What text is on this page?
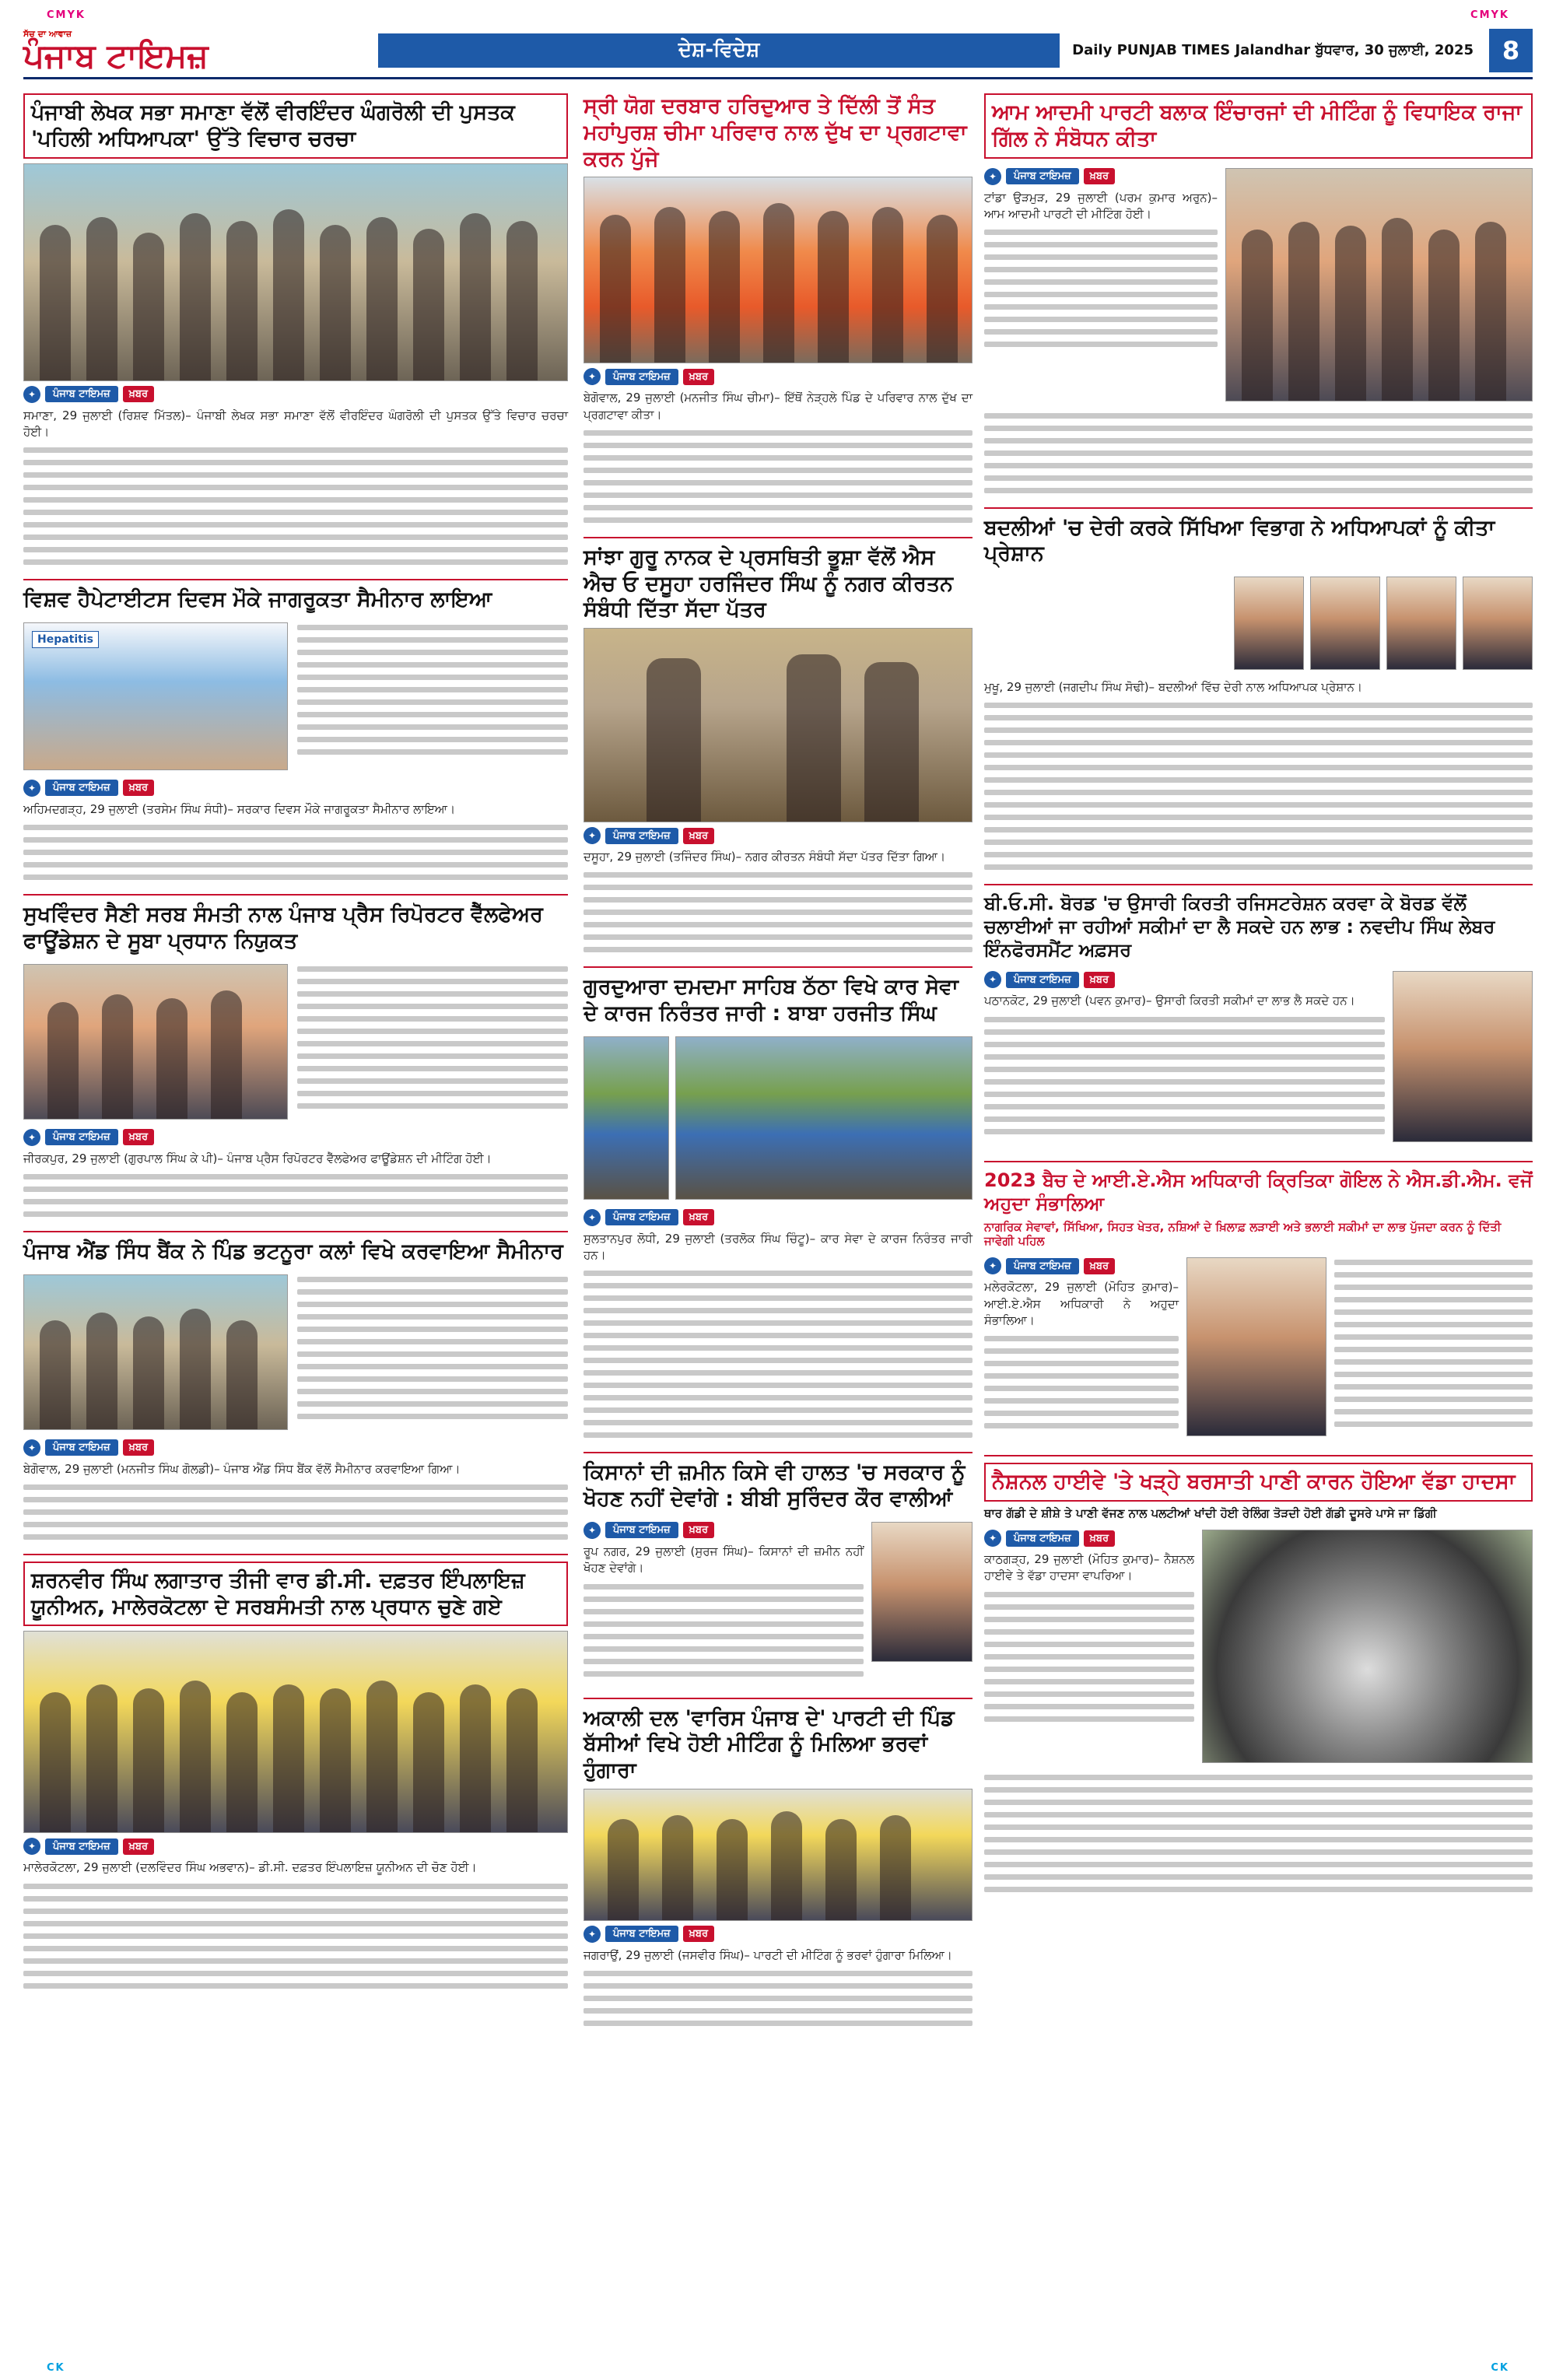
CMYK	CMYK
ਸੱਚ ਦਾ ਆਵਾਜ਼
ਪੰਜਾਬ ਟਾਇਮਜ਼	ਦੇਸ਼-ਵਿਦੇਸ਼	Daily PUNJAB TIMES Jalandhar ਬੁੱਧਵਾਰ, 30 ਜੁਲਾਈ, 2025	8
ਪੰਜਾਬੀ ਲੇਖਕ ਸਭਾ ਸਮਾਣਾ ਵੱਲੋਂ ਵੀਰਇੰਦਰ ਘੰਗਰੋਲੀ ਦੀ ਪੁਸਤਕ 'ਪਹਿਲੀ ਅਧਿਆਪਕਾ' ਉੱਤੇ ਵਿਚਾਰ ਚਰਚਾ
✦	ਪੰਜਾਬ ਟਾਇਮਜ਼	ਖ਼ਬਰ
ਸਮਾਣਾ, 29 ਜੁਲਾਈ (ਰਿਸ਼ਵ ਮਿੱਤਲ)– ਪੰਜਾਬੀ ਲੇਖਕ ਸਭਾ ਸਮਾਣਾ ਵੱਲੋਂ ਵੀਰਇੰਦਰ ਘੰਗਰੋਲੀ ਦੀ ਪੁਸਤਕ ਉੱਤੇ ਵਿਚਾਰ ਚਰਚਾ ਹੋਈ।
ਵਿਸ਼ਵ ਹੈਪੇਟਾਈਟਸ ਦਿਵਸ ਮੌਕੇ ਜਾਗਰੂਕਤਾ ਸੈਮੀਨਾਰ ਲਾਇਆ
Hepatitis
✦	ਪੰਜਾਬ ਟਾਇਮਜ਼	ਖ਼ਬਰ
ਅਹਿਮਦਗੜ੍ਹ, 29 ਜੁਲਾਈ (ਤਰਸੇਮ ਸਿੰਘ ਸੰਧੀ)– ਸਰਕਾਰ ਦਿਵਸ ਮੌਕੇ ਜਾਗਰੂਕਤਾ ਸੈਮੀਨਾਰ ਲਾਇਆ।
ਸੁਖਵਿੰਦਰ ਸੈਣੀ ਸਰਬ ਸੰਮਤੀ ਨਾਲ ਪੰਜਾਬ ਪ੍ਰੈਸ ਰਿਪੋਰਟਰ ਵੈੱਲਫੇਅਰ ਫਾਊਂਡੇਸ਼ਨ ਦੇ ਸੂਬਾ ਪ੍ਰਧਾਨ ਨਿਯੁਕਤ
✦	ਪੰਜਾਬ ਟਾਇਮਜ਼	ਖ਼ਬਰ
ਜੀਰਕਪੁਰ, 29 ਜੁਲਾਈ (ਗੁਰਪਾਲ ਸਿੰਘ ਕੇ ਪੀ)– ਪੰਜਾਬ ਪ੍ਰੈਸ ਰਿਪੋਰਟਰ ਵੈੱਲਫੇਅਰ ਫਾਊਂਡੇਸ਼ਨ ਦੀ ਮੀਟਿੰਗ ਹੋਈ।
ਪੰਜਾਬ ਐਂਡ ਸਿੰਧ ਬੈਂਕ ਨੇ ਪਿੰਡ ਭਟਨੂਰਾ ਕਲਾਂ ਵਿਖੇ ਕਰਵਾਇਆ ਸੈਮੀਨਾਰ
✦	ਪੰਜਾਬ ਟਾਇਮਜ਼	ਖ਼ਬਰ
ਬੇਗੋਵਾਲ, 29 ਜੁਲਾਈ (ਮਨਜੀਤ ਸਿੰਘ ਗੋਲਡੀ)– ਪੰਜਾਬ ਐਂਡ ਸਿੰਧ ਬੈਂਕ ਵੱਲੋਂ ਸੈਮੀਨਾਰ ਕਰਵਾਇਆ ਗਿਆ।
ਸ਼ਰਨਵੀਰ ਸਿੰਘ ਲਗਾਤਾਰ ਤੀਜੀ ਵਾਰ ਡੀ.ਸੀ. ਦਫ਼ਤਰ ਇੰਪਲਾਇਜ਼ ਯੂਨੀਅਨ, ਮਾਲੇਰਕੋਟਲਾ ਦੇ ਸਰਬਸੰਮਤੀ ਨਾਲ ਪ੍ਰਧਾਨ ਚੁਣੇ ਗਏ
✦	ਪੰਜਾਬ ਟਾਇਮਜ਼	ਖ਼ਬਰ
ਮਾਲੇਰਕੋਟਲਾ, 29 ਜੁਲਾਈ (ਦਲਵਿੰਦਰ ਸਿੰਘ ਅਭਵਾਨ)– ਡੀ.ਸੀ. ਦਫ਼ਤਰ ਇੰਪਲਾਇਜ਼ ਯੂਨੀਅਨ ਦੀ ਚੋਣ ਹੋਈ।
ਸ੍ਰੀ ਯੋਗ ਦਰਬਾਰ ਹਰਿਦੁਆਰ ਤੇ ਦਿੱਲੀ ਤੋਂ ਸੰਤ ਮਹਾਂਪੁਰਸ਼ ਚੀਮਾ ਪਰਿਵਾਰ ਨਾਲ ਦੁੱਖ ਦਾ ਪ੍ਰਗਟਾਵਾ ਕਰਨ ਪੁੱਜੇ
✦	ਪੰਜਾਬ ਟਾਇਮਜ਼	ਖ਼ਬਰ
ਬੇਗੋਵਾਲ, 29 ਜੁਲਾਈ (ਮਨਜੀਤ ਸਿੰਘ ਚੀਮਾ)– ਇੱਥੋਂ ਨੇੜ੍ਹਲੇ ਪਿੰਡ ਦੇ ਪਰਿਵਾਰ ਨਾਲ ਦੁੱਖ ਦਾ ਪ੍ਰਗਟਾਵਾ ਕੀਤਾ।
ਸਾਂਝਾ ਗੁਰੂ ਨਾਨਕ ਦੇ ਪ੍ਰਸਥਿਤੀ ਭੂਸ਼ਾ ਵੱਲੋਂ ਐਸ ਐਚ ਓ ਦਸੂਹਾ ਹਰਜਿੰਦਰ ਸਿੰਘ ਨੂੰ ਨਗਰ ਕੀਰਤਨ ਸੰਬੰਧੀ ਦਿੱਤਾ ਸੱਦਾ ਪੱਤਰ
✦	ਪੰਜਾਬ ਟਾਇਮਜ਼	ਖ਼ਬਰ
ਦਸੂਹਾ, 29 ਜੁਲਾਈ (ਤਜਿੰਦਰ ਸਿੰਘ)– ਨਗਰ ਕੀਰਤਨ ਸੰਬੰਧੀ ਸੱਦਾ ਪੱਤਰ ਦਿੱਤਾ ਗਿਆ।
ਗੁਰਦੁਆਰਾ ਦਮਦਮਾ ਸਾਹਿਬ ਠੱਠਾ ਵਿਖੇ ਕਾਰ ਸੇਵਾ ਦੇ ਕਾਰਜ ਨਿਰੰਤਰ ਜਾਰੀ : ਬਾਬਾ ਹਰਜੀਤ ਸਿੰਘ
✦	ਪੰਜਾਬ ਟਾਇਮਜ਼	ਖ਼ਬਰ
ਸੁਲਤਾਨਪੁਰ ਲੋਧੀ, 29 ਜੁਲਾਈ (ਤਰਲੋਕ ਸਿੰਘ ਚਿੰਟੂ)– ਕਾਰ ਸੇਵਾ ਦੇ ਕਾਰਜ ਨਿਰੰਤਰ ਜਾਰੀ ਹਨ।
ਕਿਸਾਨਾਂ ਦੀ ਜ਼ਮੀਨ ਕਿਸੇ ਵੀ ਹਾਲਤ 'ਚ ਸਰਕਾਰ ਨੂੰ ਖੋਹਣ ਨਹੀਂ ਦੇਵਾਂਗੇ : ਬੀਬੀ ਸੁਰਿੰਦਰ ਕੌਰ ਵਾਲੀਆਂ
✦	ਪੰਜਾਬ ਟਾਇਮਜ਼	ਖ਼ਬਰ
ਰੂਪ ਨਗਰ, 29 ਜੁਲਾਈ (ਸੁਰਜ ਸਿੰਘ)– ਕਿਸਾਨਾਂ ਦੀ ਜ਼ਮੀਨ ਨਹੀਂ ਖੋਹਣ ਦੇਵਾਂਗੇ।
ਅਕਾਲੀ ਦਲ 'ਵਾਰਿਸ ਪੰਜਾਬ ਦੇ' ਪਾਰਟੀ ਦੀ ਪਿੰਡ ਬੱਸੀਆਂ ਵਿਖੇ ਹੋਈ ਮੀਟਿੰਗ ਨੂੰ ਮਿਲਿਆ ਭਰਵਾਂ ਹੁੰਗਾਰਾ
✦	ਪੰਜਾਬ ਟਾਇਮਜ਼	ਖ਼ਬਰ
ਜਗਰਾਉਂ, 29 ਜੁਲਾਈ (ਜਸਵੀਰ ਸਿੰਘ)– ਪਾਰਟੀ ਦੀ ਮੀਟਿੰਗ ਨੂੰ ਭਰਵਾਂ ਹੁੰਗਾਰਾ ਮਿਲਿਆ।
ਆਮ ਆਦਮੀ ਪਾਰਟੀ ਬਲਾਕ ਇੰਚਾਰਜਾਂ ਦੀ ਮੀਟਿੰਗ ਨੂੰ ਵਿਧਾਇਕ ਰਾਜਾ ਗਿੱਲ ਨੇ ਸੰਬੋਧਨ ਕੀਤਾ
✦	ਪੰਜਾਬ ਟਾਇਮਜ਼	ਖ਼ਬਰ
ਟਾਂਡਾ ਉੜਮੁੜ, 29 ਜੁਲਾਈ (ਪਰਮ ਕੁਮਾਰ ਅਰੁਨ)– ਆਮ ਆਦਮੀ ਪਾਰਟੀ ਦੀ ਮੀਟਿੰਗ ਹੋਈ।
ਬਦਲੀਆਂ 'ਚ ਦੇਰੀ ਕਰਕੇ ਸਿੱਖਿਆ ਵਿਭਾਗ ਨੇ ਅਧਿਆਪਕਾਂ ਨੂੰ ਕੀਤਾ ਪ੍ਰੇਸ਼ਾਨ
ਮੁਖੂ, 29 ਜੁਲਾਈ (ਜਗਦੀਪ ਸਿੰਘ ਸੋਢੀ)– ਬਦਲੀਆਂ ਵਿੱਚ ਦੇਰੀ ਨਾਲ ਅਧਿਆਪਕ ਪ੍ਰੇਸ਼ਾਨ।
ਬੀ.ਓ.ਸੀ. ਬੋਰਡ 'ਚ ਉਸਾਰੀ ਕਿਰਤੀ ਰਜਿਸਟਰੇਸ਼ਨ ਕਰਵਾ ਕੇ ਬੋਰਡ ਵੱਲੋਂ ਚਲਾਈਆਂ ਜਾ ਰਹੀਆਂ ਸਕੀਮਾਂ ਦਾ ਲੈ ਸਕਦੇ ਹਨ ਲਾਭ : ਨਵਦੀਪ ਸਿੰਘ ਲੇਬਰ ਇੰਨਫੋਰਸਮੈਂਟ ਅਫ਼ਸਰ
✦	ਪੰਜਾਬ ਟਾਇਮਜ਼	ਖ਼ਬਰ
ਪਠਾਨਕੋਟ, 29 ਜੁਲਾਈ (ਪਵਨ ਕੁਮਾਰ)– ਉਸਾਰੀ ਕਿਰਤੀ ਸਕੀਮਾਂ ਦਾ ਲਾਭ ਲੈ ਸਕਦੇ ਹਨ।
2023 ਬੈਚ ਦੇ ਆਈ.ਏ.ਐਸ ਅਧਿਕਾਰੀ ਕ੍ਰਿਤਿਕਾ ਗੋਇਲ ਨੇ ਐਸ.ਡੀ.ਐਮ. ਵਜੋਂ ਅਹੁਦਾ ਸੰਭਾਲਿਆ
ਨਾਗਰਿਕ ਸੇਵਾਵਾਂ, ਸਿੱਖਿਆ, ਸਿਹਤ ਖੇਤਰ, ਨਸ਼ਿਆਂ ਦੇ ਖ਼ਿਲਾਫ਼ ਲੜਾਈ ਅਤੇ ਭਲਾਈ ਸਕੀਮਾਂ ਦਾ ਲਾਭ ਪੁੱਜਦਾ ਕਰਨ ਨੂੰ ਦਿੱਤੀ ਜਾਵੇਗੀ ਪਹਿਲ
✦	ਪੰਜਾਬ ਟਾਇਮਜ਼	ਖ਼ਬਰ
ਮਲੇਰਕੋਟਲਾ, 29 ਜੁਲਾਈ (ਮੋਹਿਤ ਕੁਮਾਰ)– ਆਈ.ਏ.ਐਸ ਅਧਿਕਾਰੀ ਨੇ ਅਹੁਦਾ ਸੰਭਾਲਿਆ।
ਨੈਸ਼ਨਲ ਹਾਈਵੇ 'ਤੇ ਖੜ੍ਹੇ ਬਰਸਾਤੀ ਪਾਣੀ ਕਾਰਨ ਹੋਇਆ ਵੱਡਾ ਹਾਦਸਾ
ਥਾਰ ਗੱਡੀ ਦੇ ਸ਼ੀਸ਼ੇ ਤੇ ਪਾਣੀ ਵੱਜਣ ਨਾਲ ਪਲਟੀਆਂ ਖਾਂਦੀ ਹੋਈ ਰੇਲਿੰਗ ਤੋੜਦੀ ਹੋਈ ਗੱਡੀ ਦੂਸਰੇ ਪਾਸੇ ਜਾ ਡਿੱਗੀ
✦	ਪੰਜਾਬ ਟਾਇਮਜ਼	ਖ਼ਬਰ
ਕਾਠਗੜ੍ਹ, 29 ਜੁਲਾਈ (ਮੋਹਿਤ ਕੁਮਾਰ)– ਨੈਸ਼ਨਲ ਹਾਈਵੇ ਤੇ ਵੱਡਾ ਹਾਦਸਾ ਵਾਪਰਿਆ।
CK	CK
